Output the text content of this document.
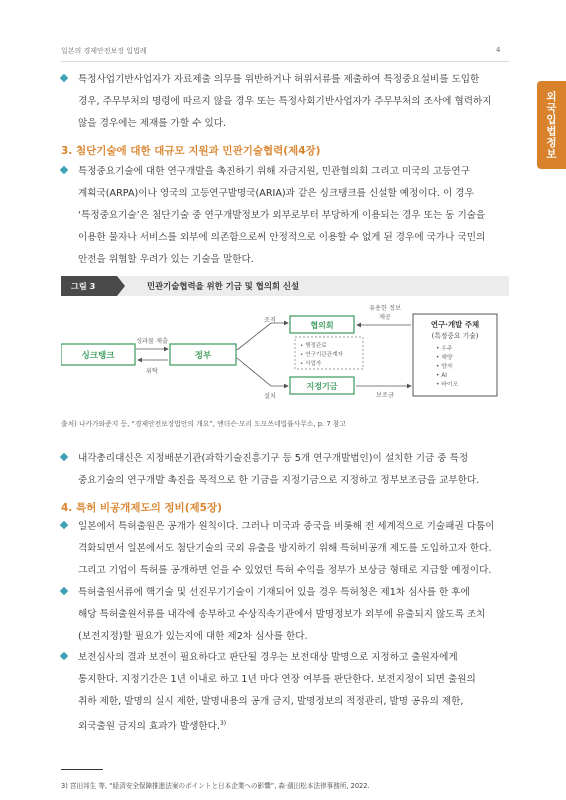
일본의 경제안전보장 입법례	4
외국입법정보
특정사업기반사업자가 자료제출 의무를 위반하거나 허위서류를 제출하여 특정중요설비를 도입한
경우, 주무부처의 명령에 따르지 않을 경우 또는 특정사회기반사업자가 주무부처의 조사에 협력하지
않을 경우에는 제재를 가할 수 있다.
3. 첨단기술에 대한 대규모 지원과 민관기술협력(제4장)
특정중요기술에 대한 연구개발을 촉진하기 위해 자금지원, 민관협의회 그리고 미국의 고등연구
계획국(ARPA)이나 영국의 고등연구발명국(ARIA)과 같은 싱크탱크를 신설할 예정이다. 이 경우
‘특정중요기술’은 첨단기술 중 연구개발정보가 외부로부터 부당하게 이용되는 경우 또는 동 기술을
이용한 물자나 서비스를 외부에 의존함으로써 안정적으로 이용할 수 없게 된 경우에 국가나 국민의
안전을 위협할 우려가 있는 기술을 말한다.
그림 3	민관기술협력을 위한 기금 및 협의회 신설
싱크탱크	정부
성과물 제출
위탁
조직
설치
협의회
• 행정관료
• 연구기관관계자
• 사업자
지정기금
유용한 정보
제공
보조금
연구·개발 주체
(특정중요 기술)
• 우주
• 해양
• 양자
• AI
• 바이오
출처) 나카가와준지 등, “경제안전보장법안의 개요”, 앤더슨·모리 도모쓰네법률사무소, p. 7 참고
내각총리대신은 지정배분기관(과학기술진흥기구 등 5개 연구개발법인)이 설치한 기금 중 특정
중요기술의 연구개발 촉진을 목적으로 한 기금을 지정기금으로 지정하고 정부보조금을 교부한다.
4. 특허 비공개제도의 정비(제5장)
일본에서 특허출원은 공개가 원칙이다. 그러나 미국과 중국을 비롯해 전 세계적으로 기술패권 다툼이
격화되면서 일본에서도 첨단기술의 국외 유출을 방지하기 위해 특허비공개 제도를 도입하고자 한다.
그리고 기업이 특허를 공개하면 얻을 수 있었던 특허 수익을 정부가 보상금 형태로 지급할 예정이다.
특허출원서류에 핵기술 및 선진무기기술이 기재되어 있을 경우 특허청은 제1차 심사를 한 후에
해당 특허출원서류를 내각에 송부하고 수상직속기관에서 발명정보가 외부에 유출되지 않도록 조치
(보전지정)할 필요가 있는지에 대한 제2차 심사를 한다.
보전심사의 결과 보전이 필요하다고 판단될 경우는 보전대상 발명으로 지정하고 출원자에게
통지한다. 지정기간은 1년 이내로 하고 1년 마다 연장 여부를 판단한다. 보전지정이 되면 출원의
취하 제한, 발명의 실시 제한, 발명내용의 공개 금지, 발명정보의 적정관리, 발명 공유의 제한,
외국출원 금지의 효과가 발생한다.$^{3)}$
3) 宮田邦生 等, “経済安全保障推進法案のポイントと日本企業への影響”, 森·濱田松本法律事務所, 2022.
